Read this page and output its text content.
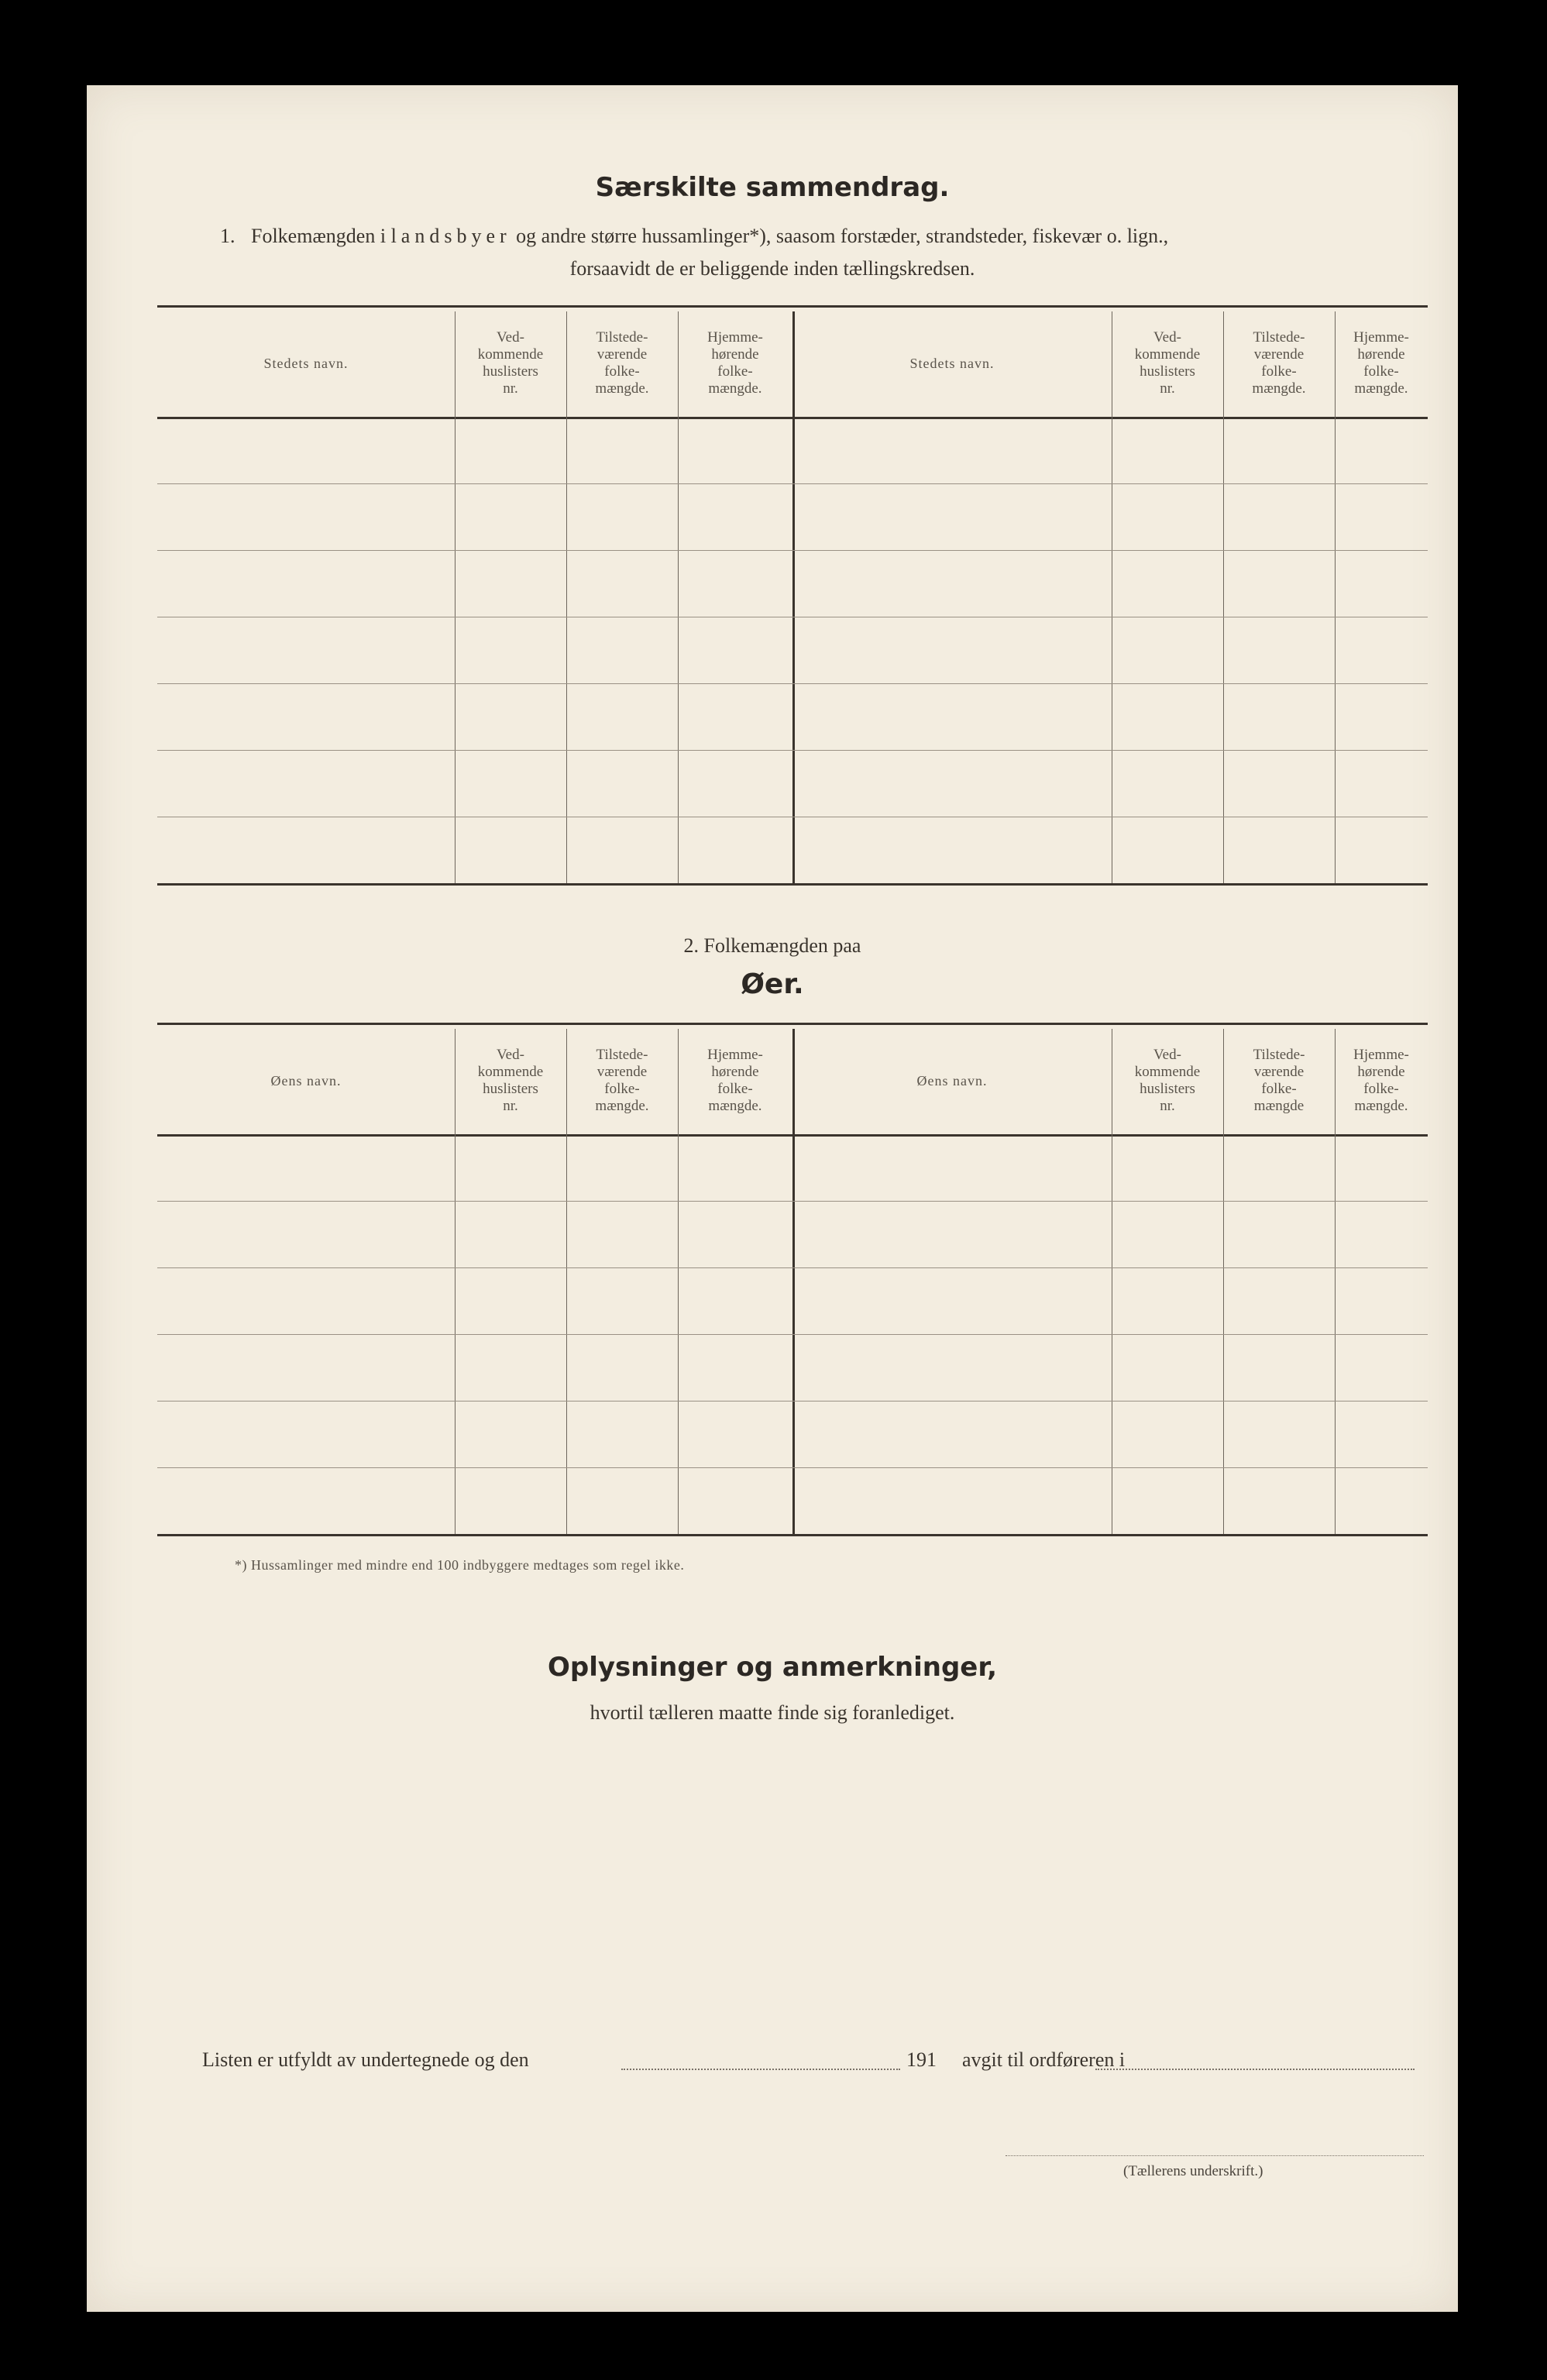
Særskilte sammendrag.
1. Folkemængden i landsbyer og andre større hussamlinger*), saasom forstæder, strandsteder, fiskevær o. lign.,
forsaavidt de er beliggende inden tællingskredsen.
Stedets navn.
Ved-
kommende
huslisters
nr.
Tilstede-
værende
folke-
mængde.
Hjemme-
hørende
folke-
mængde.
Stedets navn.
Ved-
kommende
huslisters
nr.
Tilstede-
værende
folke-
mængde.
Hjemme-
hørende
folke-
mængde.
2. Folkemængden paa
Øer.
Øens navn.
Ved-
kommende
huslisters
nr.
Tilstede-
værende
folke-
mængde.
Hjemme-
hørende
folke-
mængde.
Øens navn.
Ved-
kommende
huslisters
nr.
Tilstede-
værende
folke-
mængde
Hjemme-
hørende
folke-
mængde.
*) Hussamlinger med mindre end 100 indbyggere medtages som regel ikke.
Oplysninger og anmerkninger,
hvortil tælleren maatte finde sig foranlediget.
Listen er utfyldt av undertegnede og den	191 avgit til ordføreren i
(Tællerens underskrift.)
